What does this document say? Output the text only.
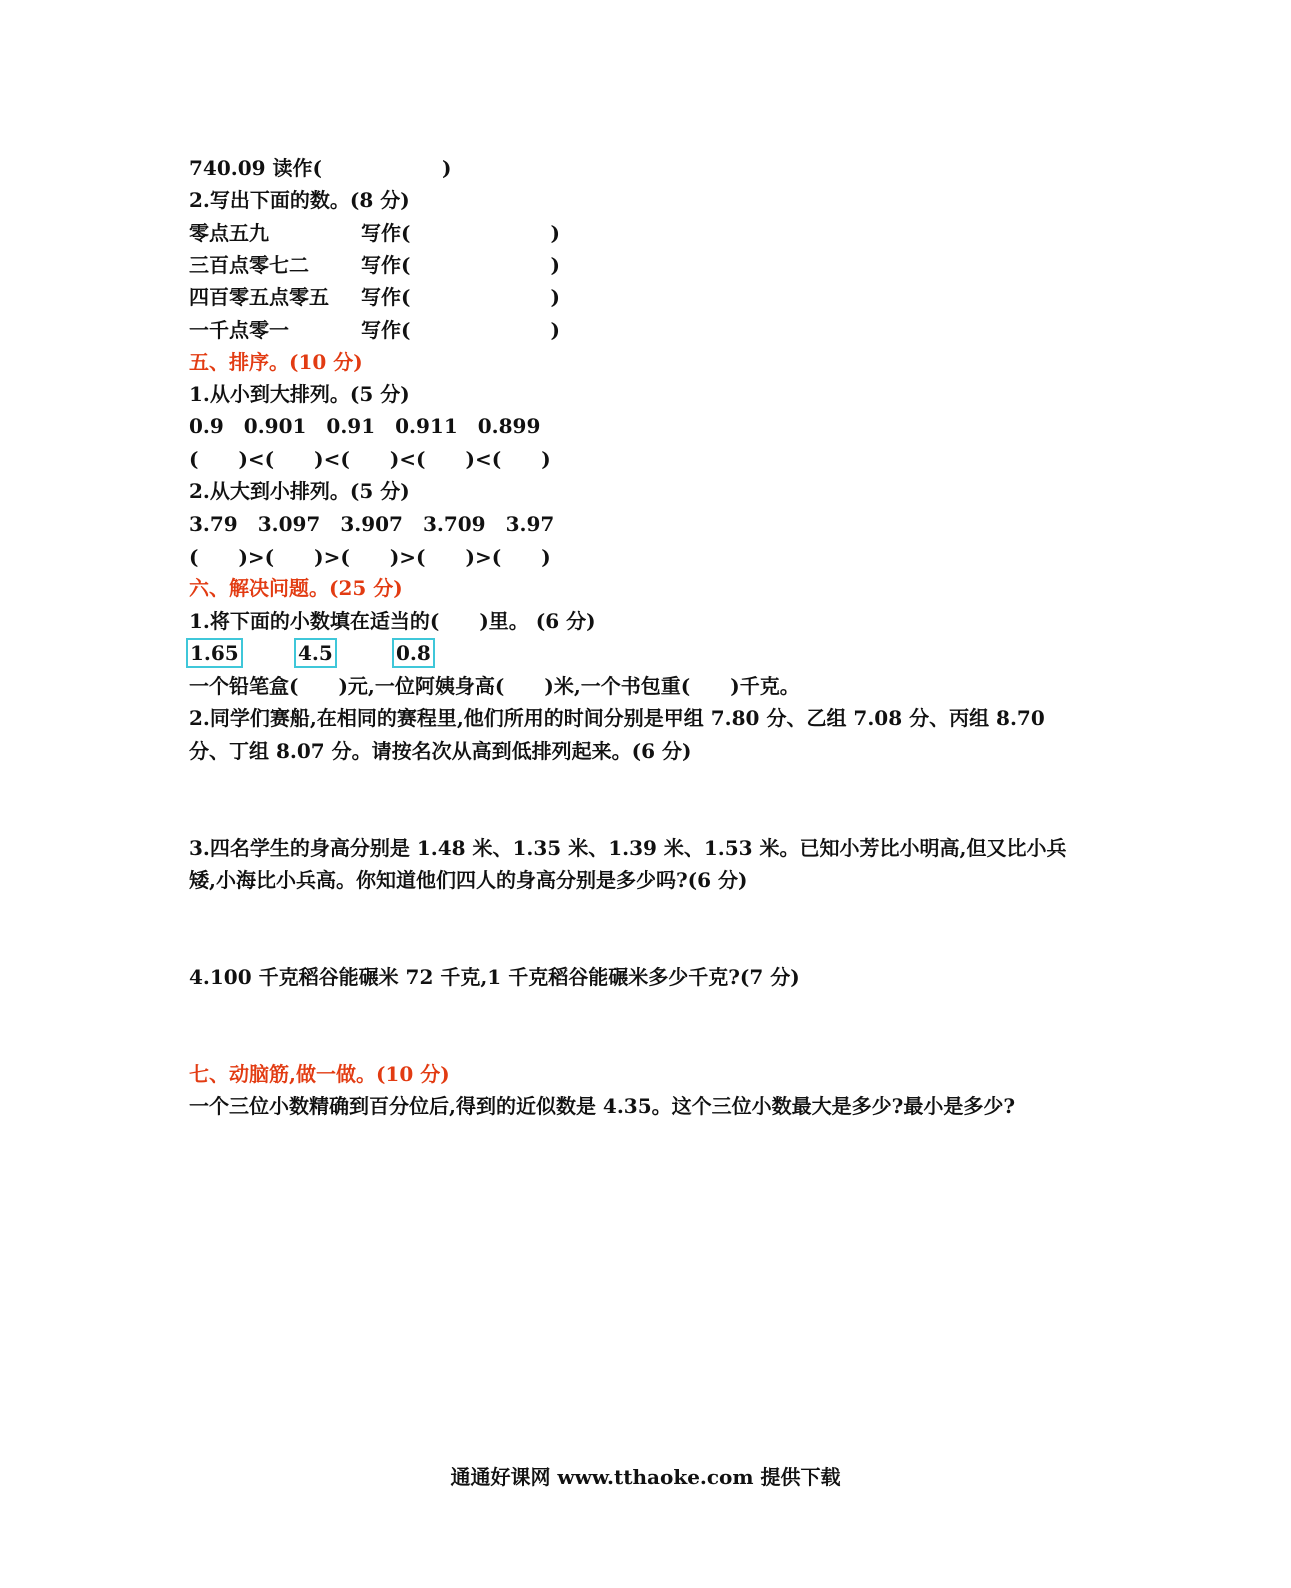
740.09 读作(　　　　　　)
2.写出下面的数。(8 分)
零点五九	写作(　　　　　　　)
三百点零七二	写作(　　　　　　　)
四百零五点零五 写作(　　　　　　　)
一千点零一	写作(　　　　　　　)
五、排序。(10 分)
1.从小到大排列。(5 分)
0.9　0.901　0.91　0.911　0.899
(　　)<(　　)<(　　)<(　　)<(　　)
2.从大到小排列。(5 分)
3.79　3.097　3.907　3.709　3.97
(　　)>(　　)>(　　)>(　　)>(　　)
六、解决问题。(25 分)
1.将下面的小数填在适当的(　　)里。 (6 分)
1.65	4.5	0.8
一个铅笔盒(　　)元,一位阿姨身高(　　)米,一个书包重(　　)千克。
2.同学们赛船,在相同的赛程里,他们所用的时间分别是甲组 7.80 分、乙组 7.08 分、丙组 8.70
分、丁组 8.07 分。请按名次从高到低排列起来。(6 分)
3.四名学生的身高分别是 1.48 米、1.35 米、1.39 米、1.53 米。已知小芳比小明高,但又比小兵
矮,小海比小兵高。你知道他们四人的身高分别是多少吗?(6 分)
4.100 千克稻谷能碾米 72 千克,1 千克稻谷能碾米多少千克?(7 分)
七、动脑筋,做一做。(10 分)
一个三位小数精确到百分位后,得到的近似数是 4.35。这个三位小数最大是多少?最小是多少?
通通好课网 www.tthaoke.com 提供下载
